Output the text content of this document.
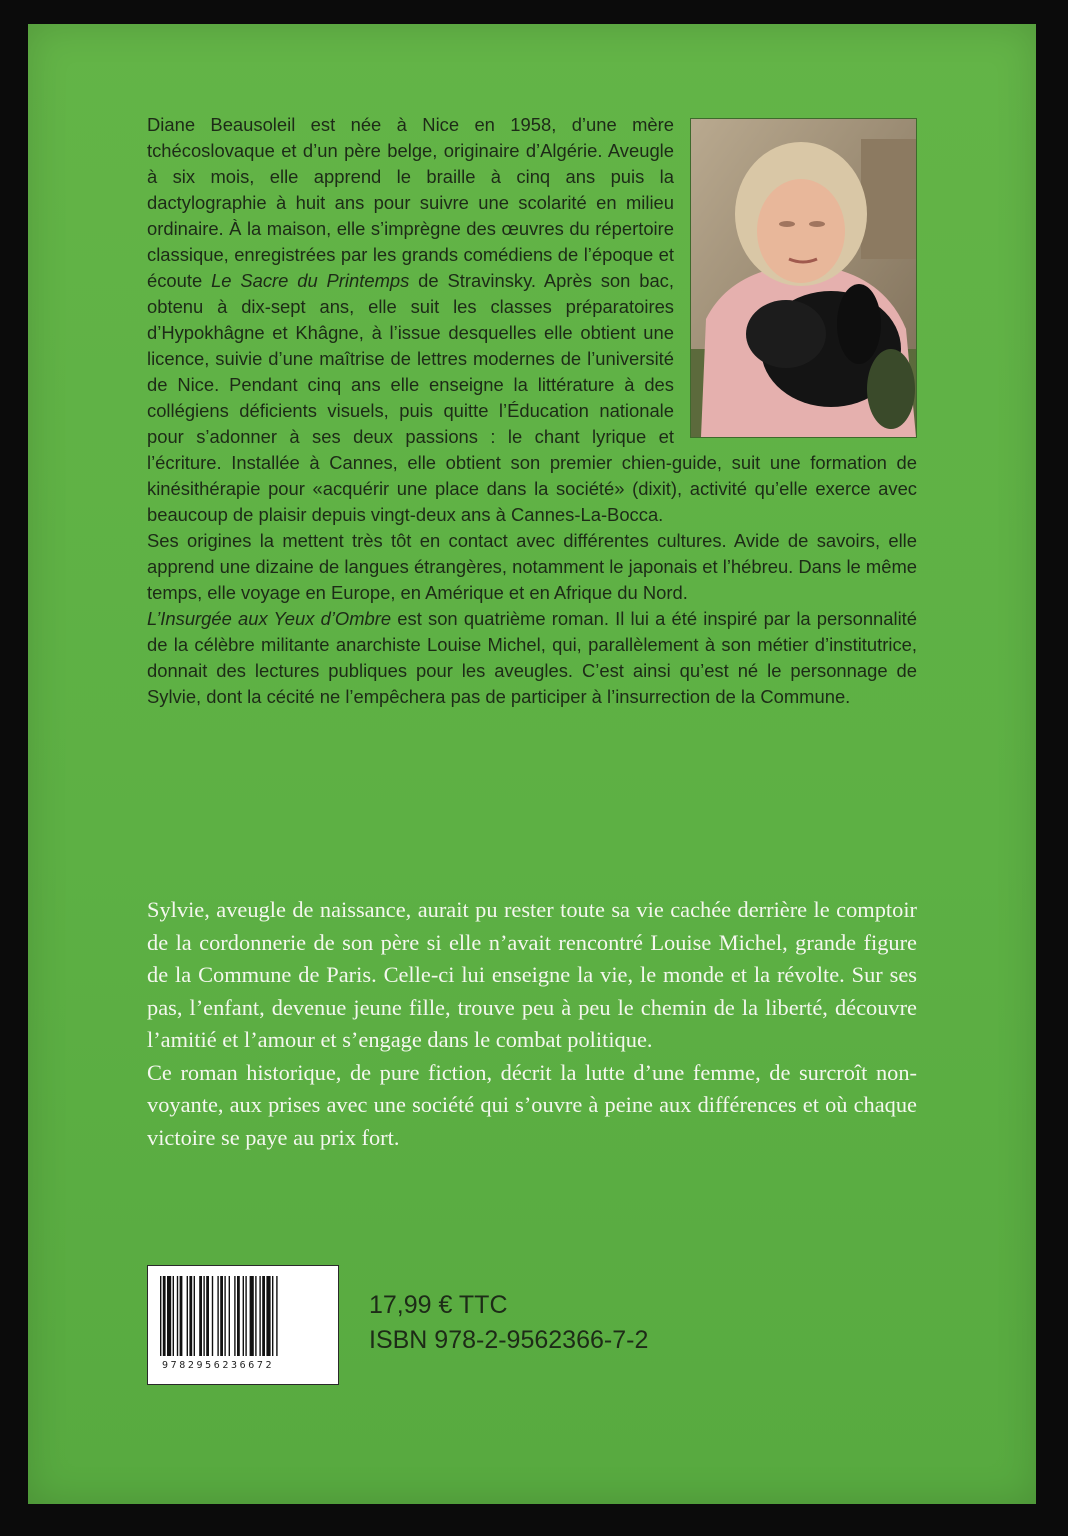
Diane Beausoleil est née à Nice en 1958, d’une mère tchécoslovaque et d’un père belge, originaire d’Algérie. Aveugle à six mois, elle apprend le braille à cinq ans puis la dactylographie à huit ans pour suivre une scolarité en milieu ordinaire. À la maison, elle s’imprègne des œuvres du répertoire classique, enregistrées par les grands comédiens de l’époque et écoute Le Sacre du Printemps de Stravinsky. Après son bac, obtenu à dix-sept ans, elle suit les classes préparatoires d’Hypokhâgne et Khâgne, à l’issue desquelles elle obtient une licence, suivie d’une maîtrise de lettres modernes de l’université de Nice. Pendant cinq ans elle enseigne la littérature à des collégiens déficients visuels, puis quitte l’Éducation nationale pour s’adonner à ses deux passions : le chant lyrique et l’écriture. Installée à Cannes, elle obtient son premier chien-guide, suit une formation de kinésithérapie pour «acquérir une place dans la société» (dixit), activité qu’elle exerce avec beaucoup de plaisir depuis vingt-deux ans à Cannes-La-Bocca.

Ses origines la mettent très tôt en contact avec différentes cultures. Avide de savoirs, elle apprend une dizaine de langues étrangères, notamment le japonais et l’hébreu. Dans le même temps, elle voyage en Europe, en Amérique et en Afrique du Nord.

L’Insurgée aux Yeux d’Ombre est son quatrième roman. Il lui a été inspiré par la personnalité de la célèbre militante anarchiste Louise Michel, qui, parallèlement à son métier d’institutrice, donnait des lectures publiques pour les aveugles. C’est ainsi qu’est né le personnage de Sylvie, dont la cécité ne l’empêchera pas de participer à l’insurrection de la Commune.

Sylvie, aveugle de naissance, aurait pu rester toute sa vie cachée derrière le comptoir de la cordonnerie de son père si elle n’avait rencontré Louise Michel, grande figure de la Commune de Paris. Celle-ci lui enseigne la vie, le monde et la révolte. Sur ses pas, l’enfant, devenue jeune fille, trouve peu à peu le chemin de la liberté, découvre l’amitié et l’amour et s’engage dans le combat politique.

Ce roman historique, de pure fiction, décrit la lutte d’une femme, de surcroît non-voyante, aux prises avec une société qui s’ouvre à peine aux différences et où chaque victoire se paye au prix fort.

9782956236672
17,99 € TTC
ISBN 978-2-9562366-7-2
